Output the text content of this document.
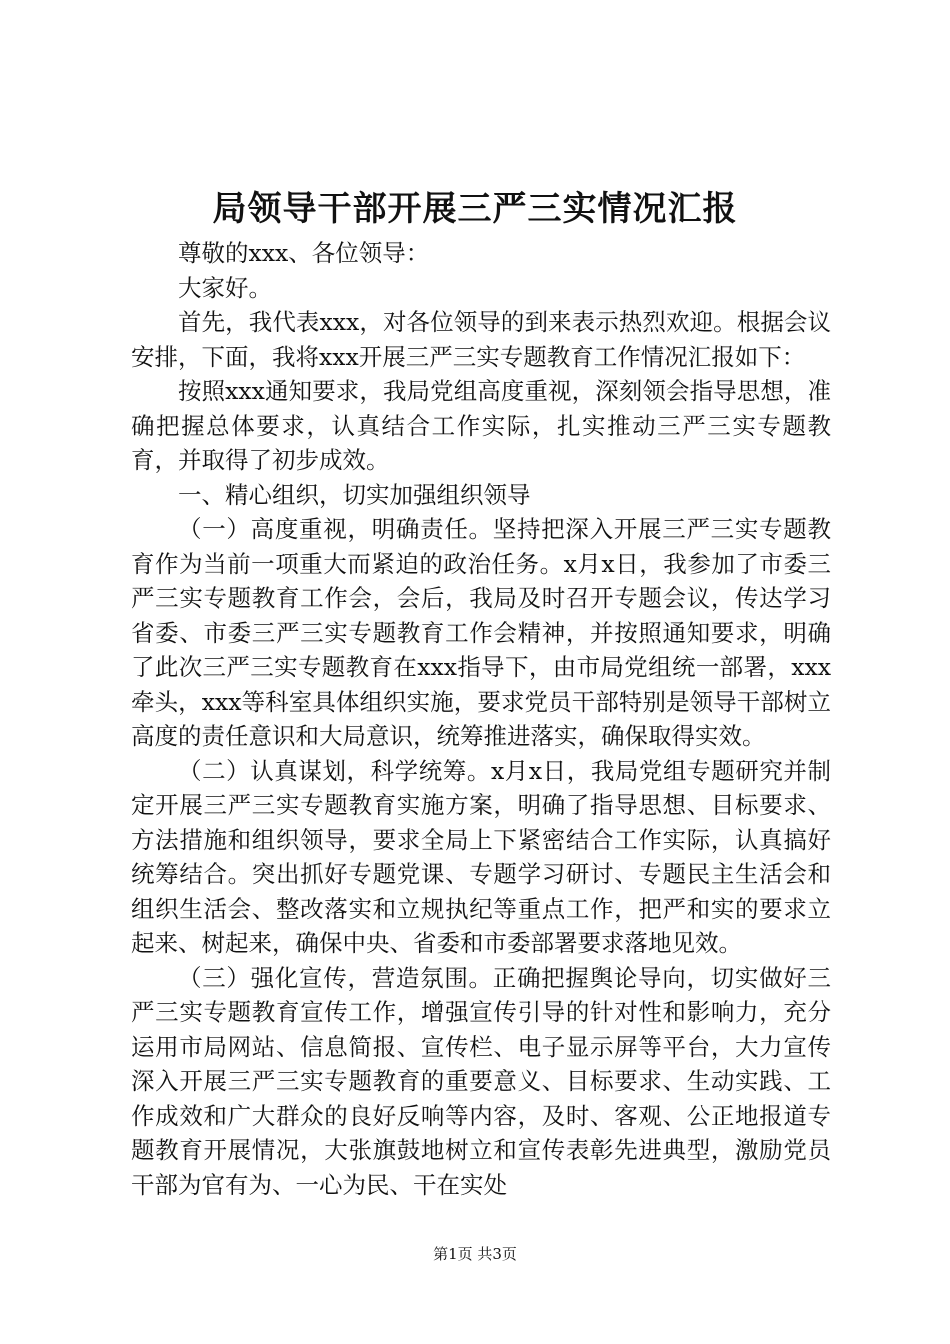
局领导干部开展三严三实情况汇报

尊敬的xxx、各位领导：

大家好。

首先，我代表xxx，对各位领导的到来表示热烈欢迎。根据会议安排，下面，我将xxx开展三严三实专题教育工作情况汇报如下：

按照xxx通知要求，我局党组高度重视，深刻领会指导思想，准确把握总体要求，认真结合工作实际，扎实推动三严三实专题教育，并取得了初步成效。

一、精心组织，切实加强组织领导

（一）高度重视，明确责任。坚持把深入开展三严三实专题教育作为当前一项重大而紧迫的政治任务。x月x日，我参加了市委三严三实专题教育工作会，会后，我局及时召开专题会议，传达学习省委、市委三严三实专题教育工作会精神，并按照通知要求，明确了此次三严三实专题教育在xxx指导下，由市局党组统一部署，xxx牵头，xxx等科室具体组织实施，要求党员干部特别是领导干部树立高度的责任意识和大局意识，统筹推进落实，确保取得实效。

（二）认真谋划，科学统筹。x月x日，我局党组专题研究并制定开展三严三实专题教育实施方案，明确了指导思想、目标要求、方法措施和组织领导，要求全局上下紧密结合工作实际，认真搞好统筹结合。突出抓好专题党课、专题学习研讨、专题民主生活会和组织生活会、整改落实和立规执纪等重点工作，把严和实的要求立起来、树起来，确保中央、省委和市委部署要求落地见效。

（三）强化宣传，营造氛围。正确把握舆论导向，切实做好三严三实专题教育宣传工作，增强宣传引导的针对性和影响力，充分运用市局网站、信息简报、宣传栏、电子显示屏等平台，大力宣传深入开展三严三实专题教育的重要意义、目标要求、生动实践、工作成效和广大群众的良好反响等内容，及时、客观、公正地报道专题教育开展情况，大张旗鼓地树立和宣传表彰先进典型，激励党员干部为官有为、一心为民、干在实处

第1页 共3页
